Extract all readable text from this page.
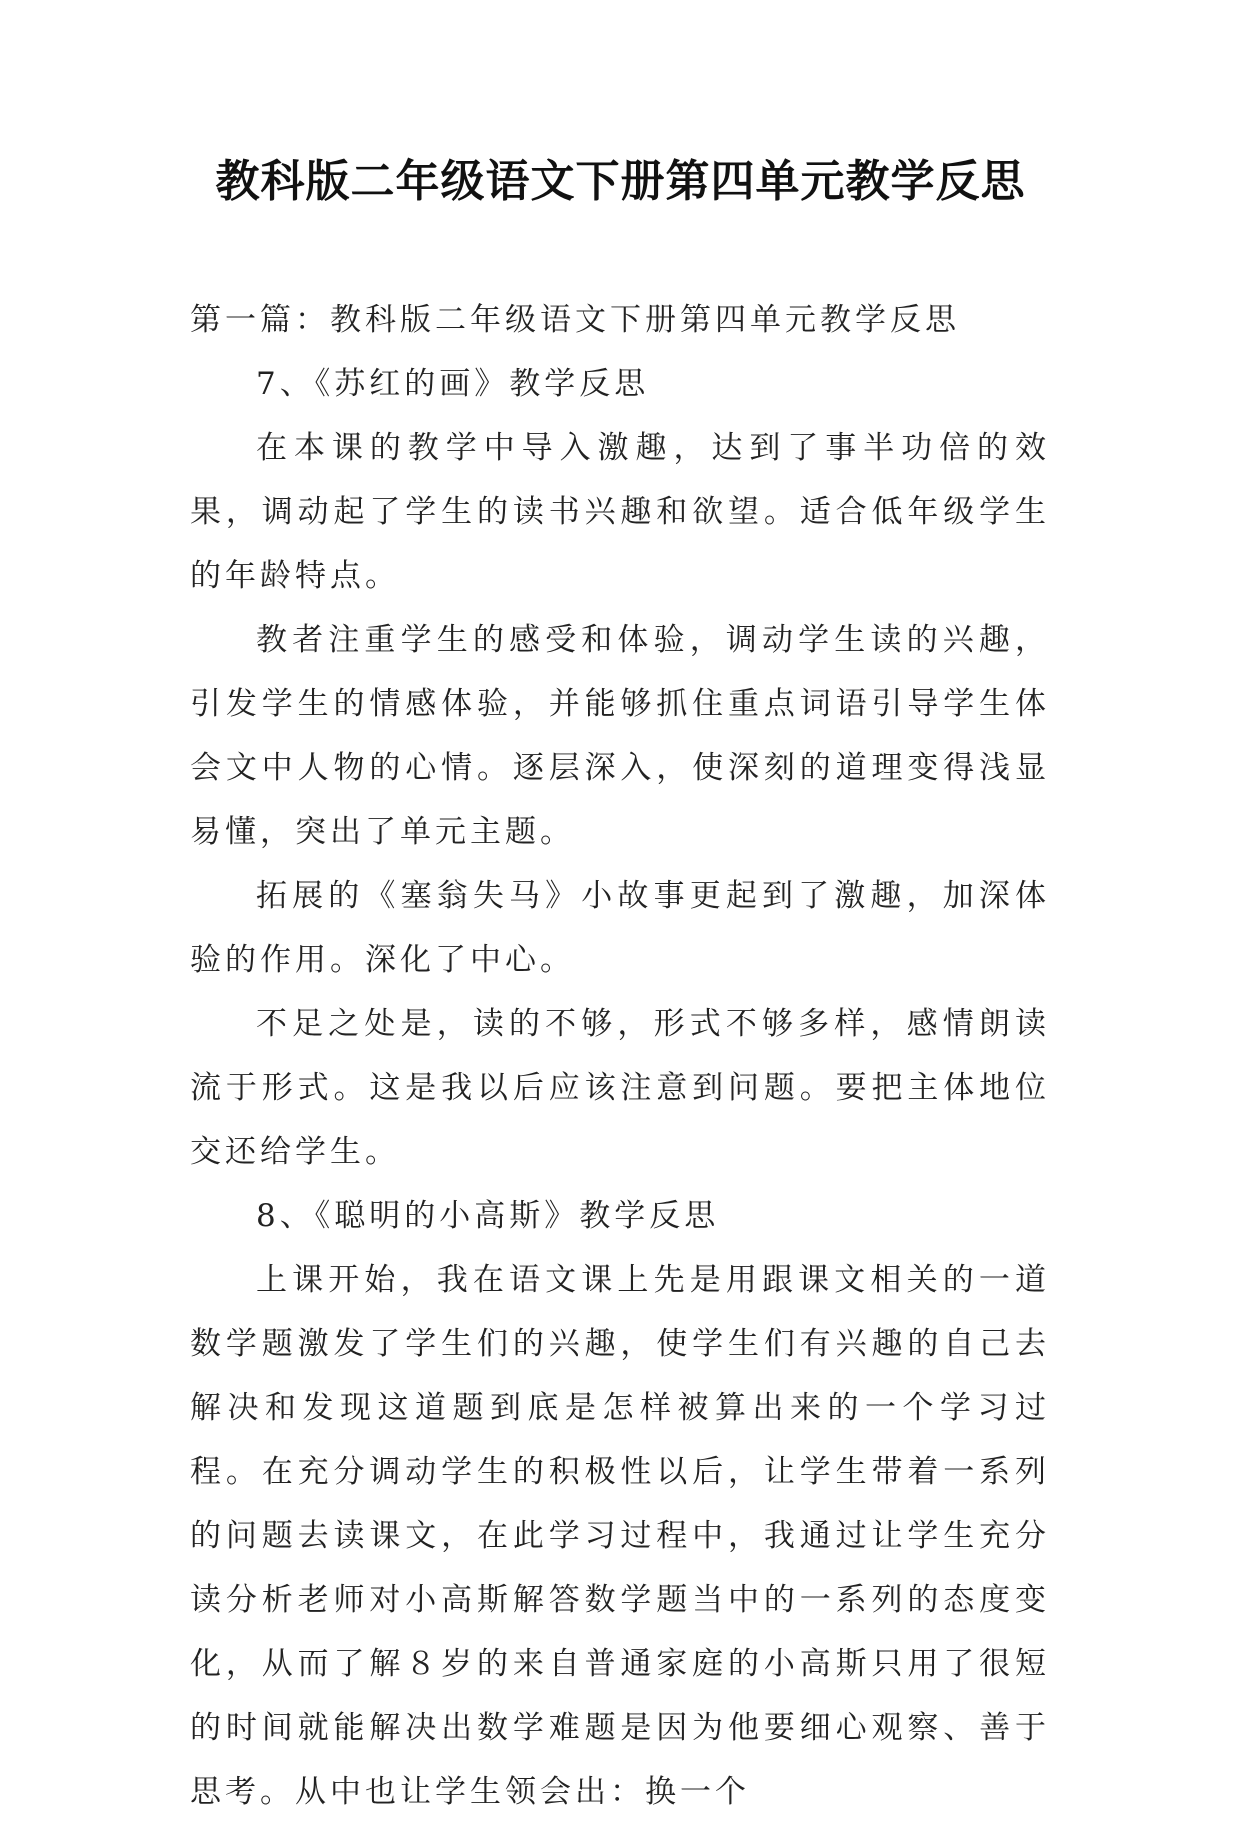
教科版二年级语文下册第四单元教学反思

第一篇：教科版二年级语文下册第四单元教学反思

7、《苏红的画》教学反思

在本课的教学中导入激趣，达到了事半功倍的效果，调动起了学生的读书兴趣和欲望。适合低年级学生的年龄特点。

教者注重学生的感受和体验，调动学生读的兴趣，引发学生的情感体验，并能够抓住重点词语引导学生体会文中人物的心情。逐层深入，使深刻的道理变得浅显易懂，突出了单元主题。

拓展的《塞翁失马》小故事更起到了激趣，加深体验的作用。深化了中心。

不足之处是，读的不够，形式不够多样，感情朗读流于形式。这是我以后应该注意到问题。要把主体地位交还给学生。

8、《聪明的小高斯》教学反思

上课开始，我在语文课上先是用跟课文相关的一道数学题激发了学生们的兴趣，使学生们有兴趣的自己去解决和发现这道题到底是怎样被算出来的一个学习过程。在充分调动学生的积极性以后，让学生带着一系列的问题去读课文，在此学习过程中，我通过让学生充分读分析老师对小高斯解答数学题当中的一系列的态度变化，从而了解８岁的来自普通家庭的小高斯只用了很短的时间就能解决出数学难题是因为他要细心观察、善于思考。从中也让学生领会出：换一个
